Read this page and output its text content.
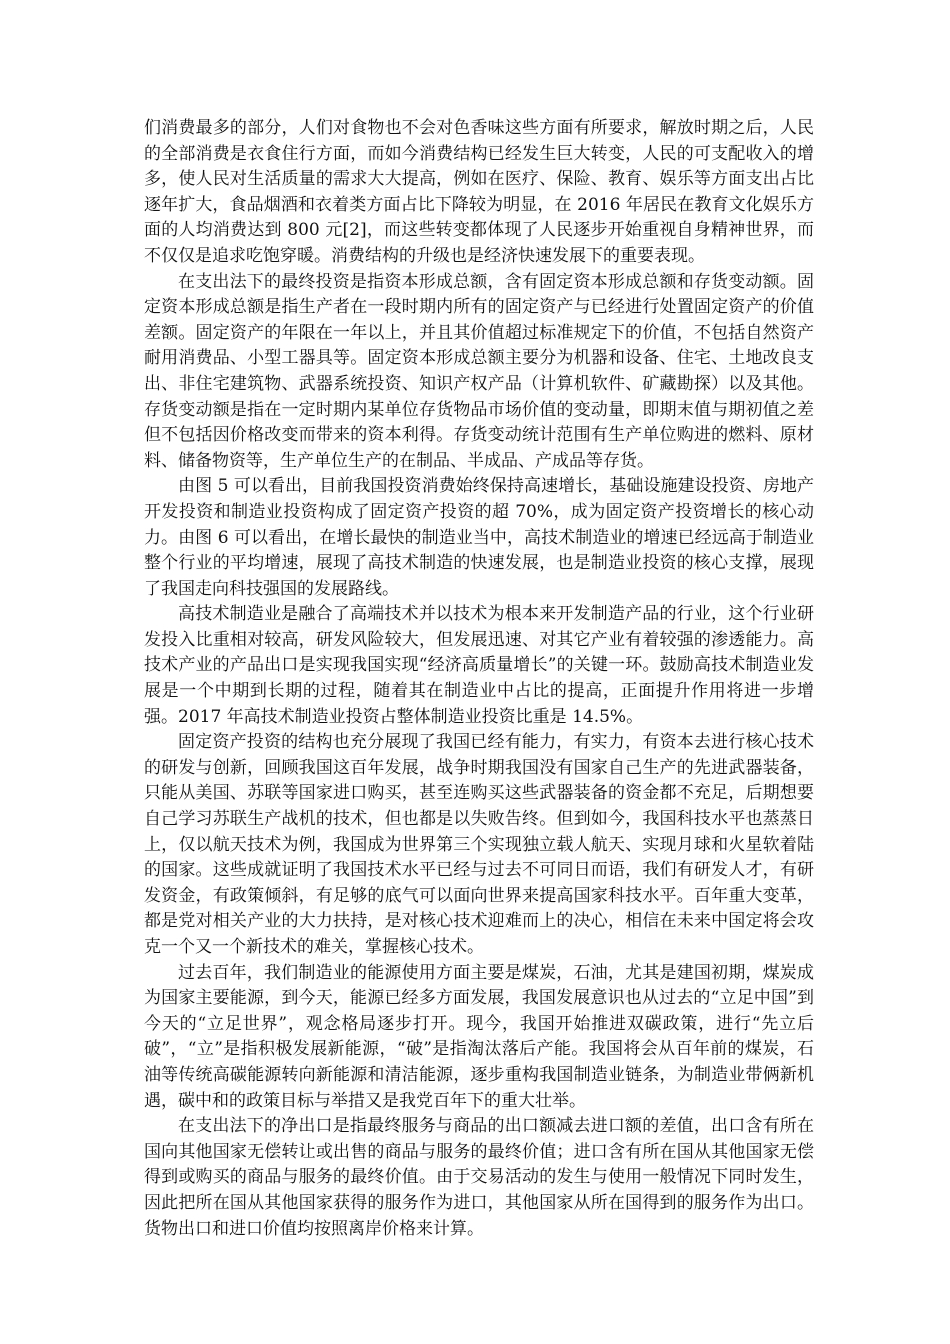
们消费最多的部分，人们对食物也不会对色香味这些方面有所要求，解放时期之后，人民的全部消费是衣食住行方面，而如今消费结构已经发生巨大转变，人民的可支配收入的增多，使人民对生活质量的需求大大提高，例如在医疗、保险、教育、娱乐等方面支出占比逐年扩大，食品烟酒和衣着类方面占比下降较为明显，在 2016 年居民在教育文化娱乐方面的人均消费达到 800 元[2]，而这些转变都体现了人民逐步开始重视自身精神世界，而不仅仅是追求吃饱穿暖。消费结构的升级也是经济快速发展下的重要表现。

在支出法下的最终投资是指资本形成总额，含有固定资本形成总额和存货变动额。固定资本形成总额是指生产者在一段时期内所有的固定资产与已经进行处置固定资产的价值差额。固定资产的年限在一年以上，并且其价值超过标准规定下的价值，不包括自然资产耐用消费品、小型工器具等。固定资本形成总额主要分为机器和设备、住宅、土地改良支出、非住宅建筑物、武器系统投资、知识产权产品（计算机软件、矿藏勘探）以及其他。存货变动额是指在一定时期内某单位存货物品市场价值的变动量，即期末值与期初值之差但不包括因价格改变而带来的资本利得。存货变动统计范围有生产单位购进的燃料、原材料、储备物资等，生产单位生产的在制品、半成品、产成品等存货。

由图 5 可以看出，目前我国投资消费始终保持高速增长，基础设施建设投资、房地产开发投资和制造业投资构成了固定资产投资的超 70%，成为固定资产投资增长的核心动力。由图 6 可以看出，在增长最快的制造业当中，高技术制造业的增速已经远高于制造业整个行业的平均增速，展现了高技术制造的快速发展，也是制造业投资的核心支撑，展现了我国走向科技强国的发展路线。

高技术制造业是融合了高端技术并以技术为根本来开发制造产品的行业，这个行业研发投入比重相对较高，研发风险较大，但发展迅速、对其它产业有着较强的渗透能力。高技术产业的产品出口是实现我国实现“经济高质量增长”的关键一环。鼓励高技术制造业发展是一个中期到长期的过程，随着其在制造业中占比的提高，正面提升作用将进一步增强。2017 年高技术制造业投资占整体制造业投资比重是 14.5%。

固定资产投资的结构也充分展现了我国已经有能力，有实力，有资本去进行核心技术的研发与创新，回顾我国这百年发展，战争时期我国没有国家自己生产的先进武器装备，只能从美国、苏联等国家进口购买，甚至连购买这些武器装备的资金都不充足，后期想要自己学习苏联生产战机的技术，但也都是以失败告终。但到如今，我国科技水平也蒸蒸日上，仅以航天技术为例，我国成为世界第三个实现独立载人航天、实现月球和火星软着陆的国家。这些成就证明了我国技术水平已经与过去不可同日而语，我们有研发人才，有研发资金，有政策倾斜，有足够的底气可以面向世界来提高国家科技水平。百年重大变革，都是党对相关产业的大力扶持，是对核心技术迎难而上的决心，相信在未来中国定将会攻克一个又一个新技术的难关，掌握核心技术。

过去百年，我们制造业的能源使用方面主要是煤炭，石油，尤其是建国初期，煤炭成为国家主要能源，到今天，能源已经多方面发展，我国发展意识也从过去的“立足中国”到今天的“立足世界”，观念格局逐步打开。现今，我国开始推进双碳政策，进行“先立后破”，“立”是指积极发展新能源，“破”是指淘汰落后产能。我国将会从百年前的煤炭，石油等传统高碳能源转向新能源和清洁能源，逐步重构我国制造业链条，为制造业带俩新机遇，碳中和的政策目标与举措又是我党百年下的重大壮举。

在支出法下的净出口是指最终服务与商品的出口额减去进口额的差值，出口含有所在国向其他国家无偿转让或出售的商品与服务的最终价值；进口含有所在国从其他国家无偿得到或购买的商品与服务的最终价值。由于交易活动的发生与使用一般情况下同时发生，因此把所在国从其他国家获得的服务作为进口，其他国家从所在国得到的服务作为出口。货物出口和进口价值均按照离岸价格来计算。
